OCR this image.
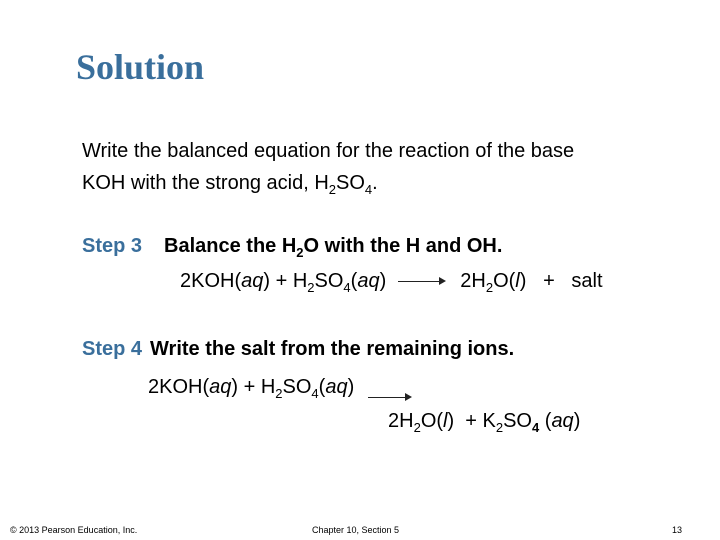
Solution
Write the balanced equation for the reaction of the base
KOH with the strong acid, $H_2SO_4$.
Step 3 Balance the $H_2O$ with the H and OH.
$2KOH(aq) + H_2SO_4(aq)$	$2H_2O(l)$   +   salt
Step 4 Write the salt from the remaining ions.
$2KOH(aq) + H_2SO_4(aq)$
$2H_2O(l) + K_2SO_4$ (aq)
© 2013 Pearson Education, Inc.	Chapter 10, Section 5	13
